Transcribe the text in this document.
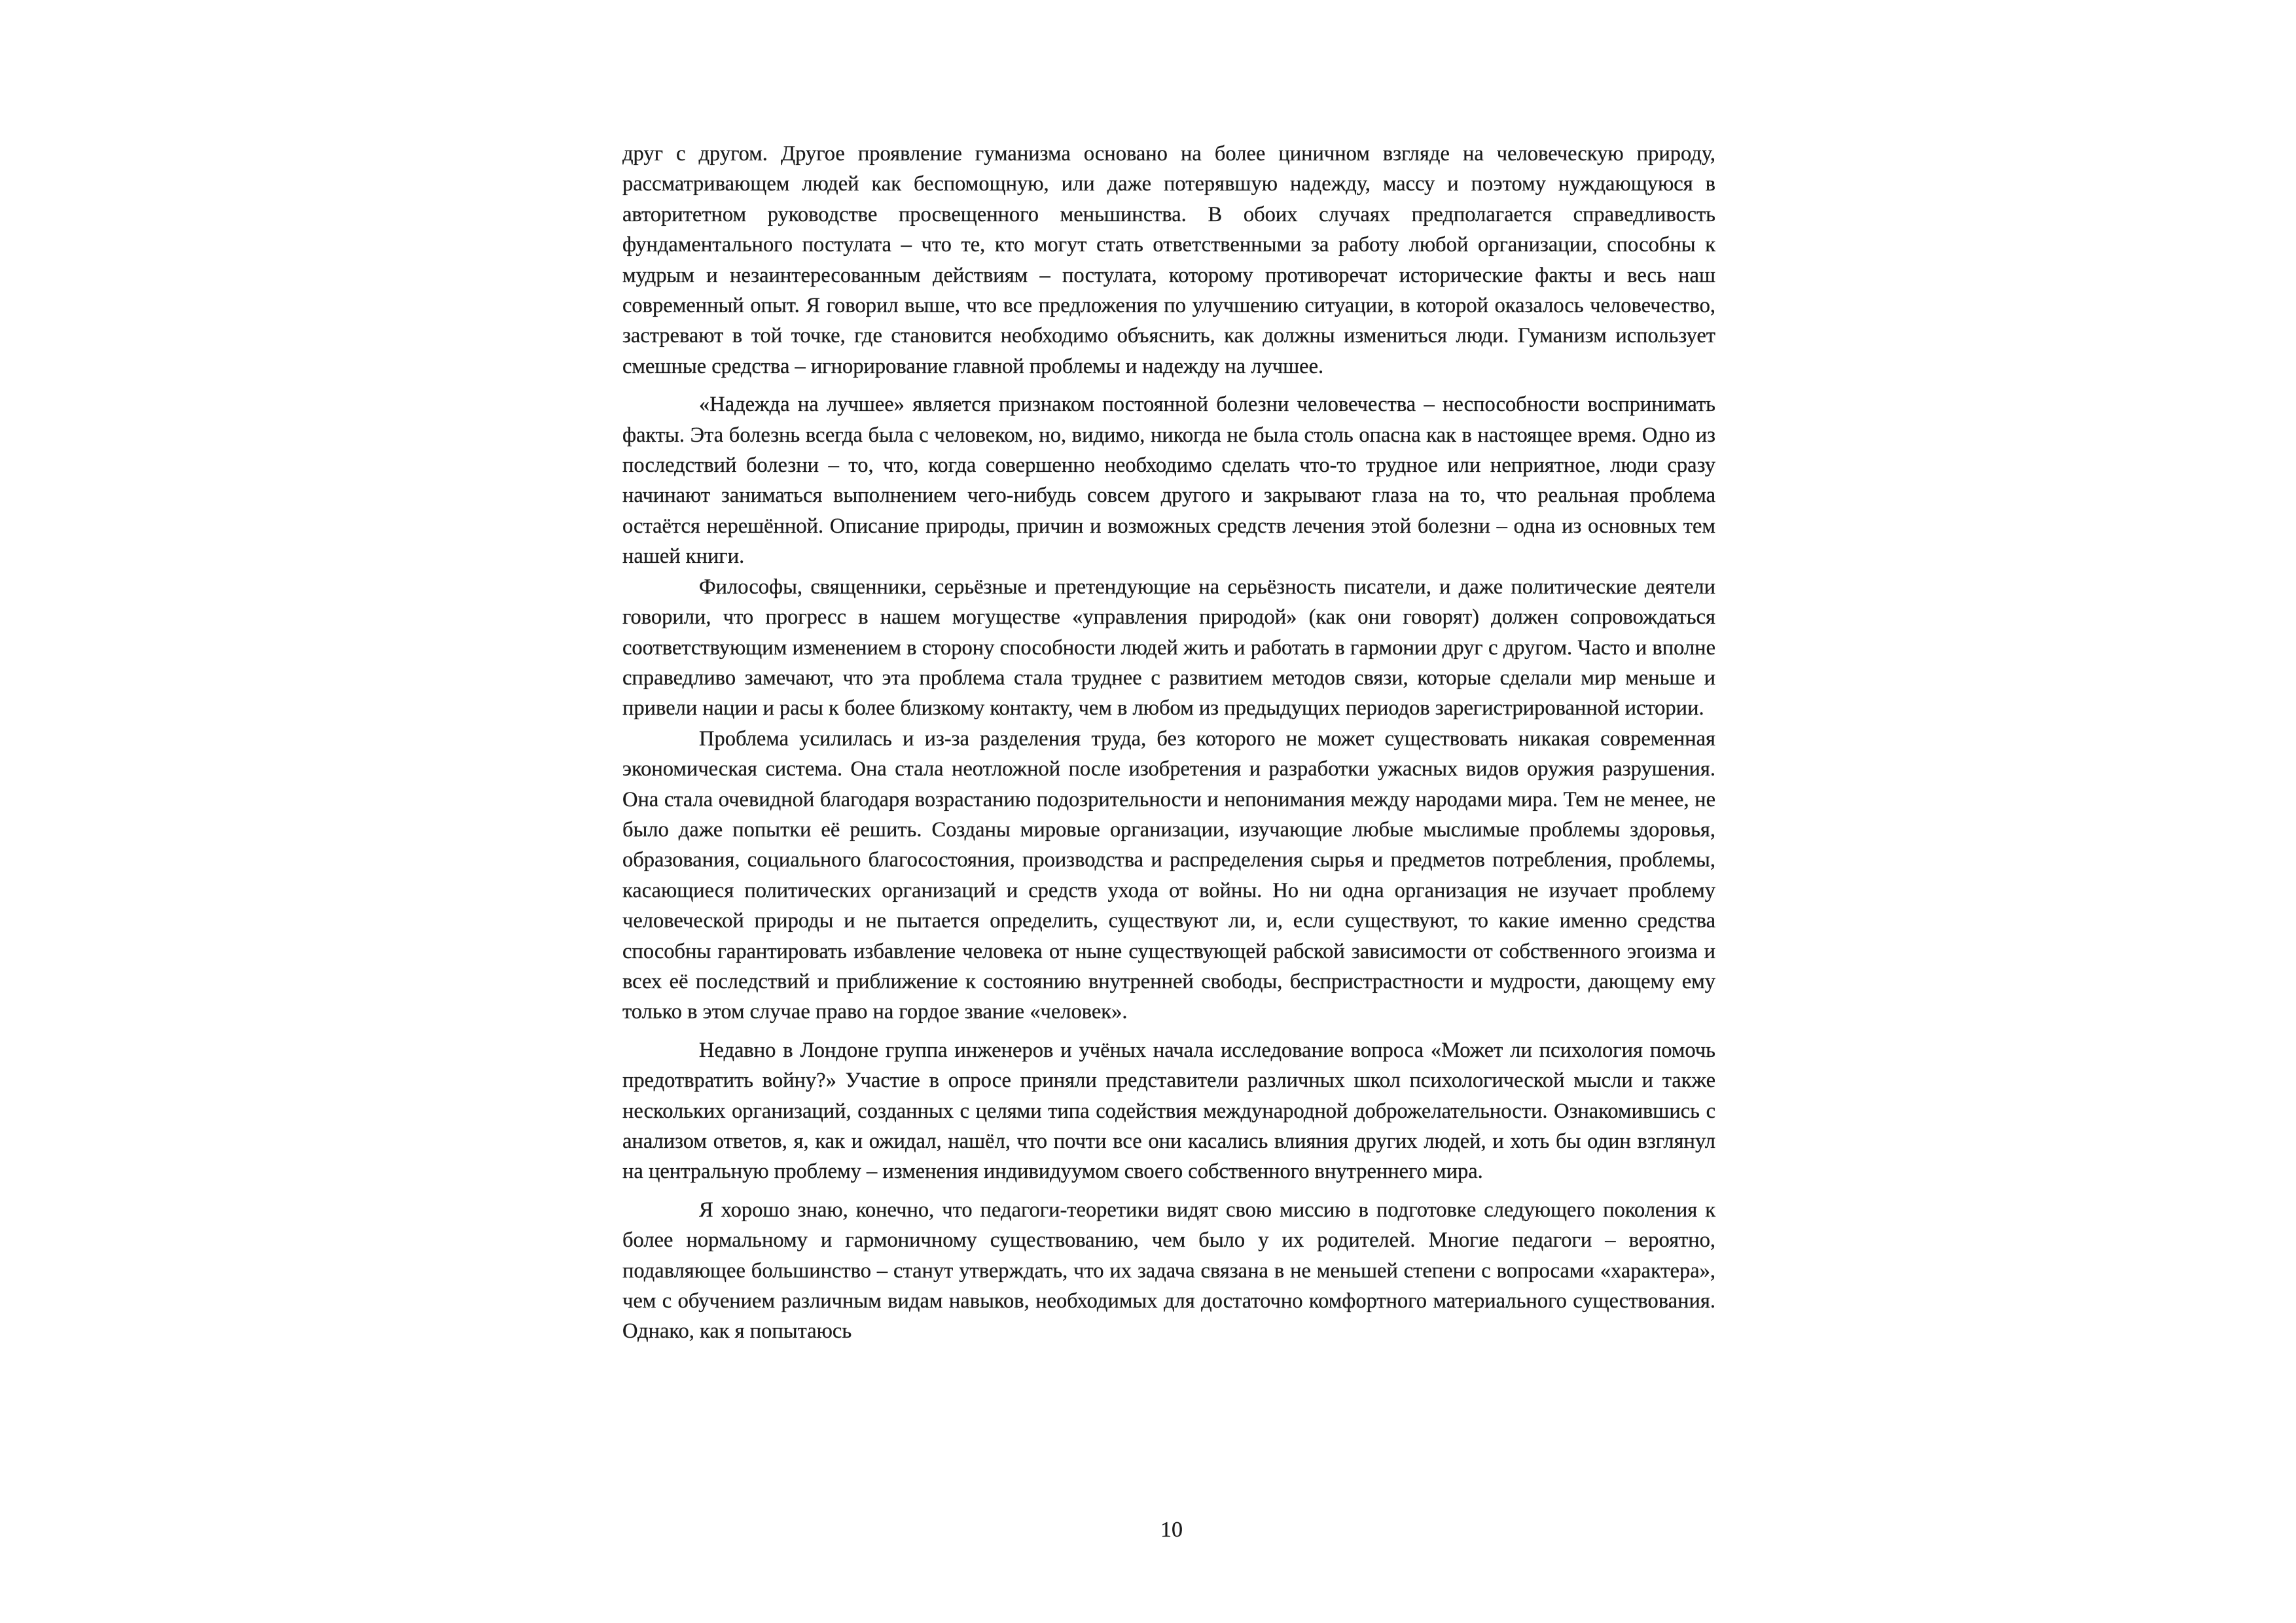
друг с другом. Другое проявление гуманизма основано на более циничном взгляде на человеческую природу, рассматривающем людей как беспомощную, или даже потерявшую надежду, массу и поэтому нуждающуюся в авторитетном руководстве просвещенного меньшинства. В обоих случаях предполагается справедливость фундаментального постулата – что те, кто могут стать ответственными за работу любой организации, способны к мудрым и незаинтересованным действиям – постулата, которому противоречат исторические факты и весь наш современный опыт. Я говорил выше, что все предложения по улучшению ситуации, в которой оказалось человечество, застревают в той точке, где становится необходимо объяснить, как должны измениться люди. Гуманизм использует смешные средства – игнорирование главной проблемы и надежду на лучшее.

«Надежда на лучшее» является признаком постоянной болезни человечества – неспособности воспринимать факты. Эта болезнь всегда была с человеком, но, видимо, никогда не была столь опасна как в настоящее время. Одно из последствий болезни – то, что, когда совершенно необходимо сделать что-то трудное или неприятное, люди сразу начинают заниматься выполнением чего-нибудь совсем другого и закрывают глаза на то, что реальная проблема остаётся нерешённой. Описание природы, причин и возможных средств лечения этой болезни – одна из основных тем нашей книги.

Философы, священники, серьёзные и претендующие на серьёзность писатели, и даже политические деятели говорили, что прогресс в нашем могуществе «управления природой» (как они говорят) должен сопровождаться соответствующим изменением в сторону способности людей жить и работать в гармонии друг с другом. Часто и вполне справедливо замечают, что эта проблема стала труднее с развитием методов связи, которые сделали мир меньше и привели нации и расы к более близкому контакту, чем в любом из предыдущих периодов зарегистрированной истории.

Проблема усилилась и из-за разделения труда, без которого не может существовать никакая современная экономическая система. Она стала неотложной после изобретения и разработки ужасных видов оружия разрушения. Она стала очевидной благодаря возрастанию подозрительности и непонимания между народами мира. Тем не менее, не было даже попытки её решить. Созданы мировые организации, изучающие любые мыслимые проблемы здоровья, образования, социального благосостояния, производства и распределения сырья и предметов потребления, проблемы, касающиеся политических организаций и средств ухода от войны. Но ни одна организация не изучает проблему человеческой природы и не пытается определить, существуют ли, и, если существуют, то какие именно средства способны гарантировать избавление человека от ныне существующей рабской зависимости от собственного эгоизма и всех её последствий и приближение к состоянию внутренней свободы, беспристрастности и мудрости, дающему ему только в этом случае право на гордое звание «человек».

Недавно в Лондоне группа инженеров и учёных начала исследование вопроса «Может ли психология помочь предотвратить войну?» Участие в опросе приняли представители различных школ психологической мысли и также нескольких организаций, созданных с целями типа содействия международной доброжелательности. Ознакомившись с анализом ответов, я, как и ожидал, нашёл, что почти все они касались влияния других людей, и хоть бы один взглянул на центральную проблему – изменения индивидуумом своего собственного внутреннего мира.

Я хорошо знаю, конечно, что педагоги-теоретики видят свою миссию в подготовке следующего поколения к более нормальному и гармоничному существованию, чем было у их родителей. Многие педагоги – вероятно, подавляющее большинство – станут утверждать, что их задача связана в не меньшей степени с вопросами «характера», чем с обучением различным видам навыков, необходимых для достаточно комфортного материального существования. Однако, как я попытаюсь

10
